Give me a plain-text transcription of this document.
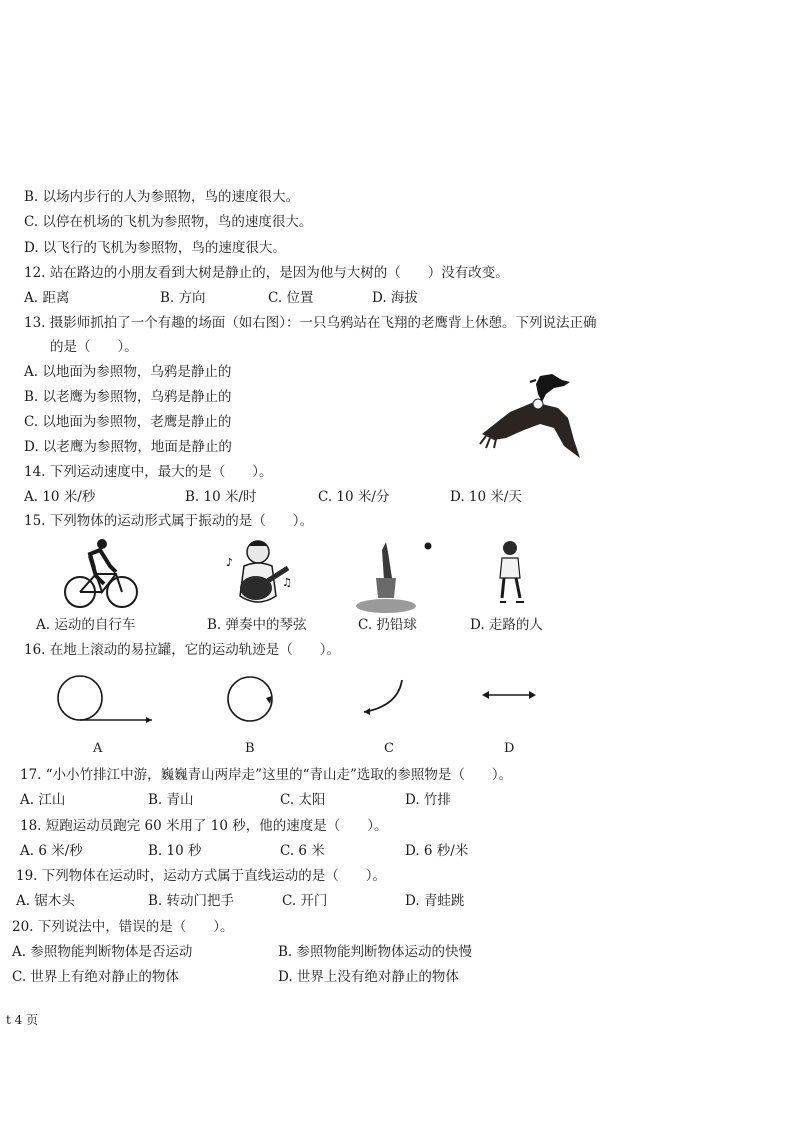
B. 以场内步行的人为参照物，鸟的速度很大。
C. 以停在机场的飞机为参照物，鸟的速度很大。
D. 以飞行的飞机为参照物，鸟的速度很大。
12. 站在路边的小朋友看到大树是静止的，是因为他与大树的（　　）没有改变。
A. 距离	B. 方向	C. 位置	D. 海拔
13. 摄影师抓拍了一个有趣的场面（如右图）：一只乌鸦站在飞翔的老鹰背上休憩。下列说法正确
的是（　　）。
A. 以地面为参照物，乌鸦是静止的
B. 以老鹰为参照物，乌鸦是静止的
C. 以地面为参照物，老鹰是静止的
D. 以老鹰为参照物，地面是静止的
14. 下列运动速度中，最大的是（　　）。
A. 10 米/秒	B. 10 米/时	C. 10 米/分	D. 10 米/天
15. 下列物体的运动形式属于振动的是（　　）。
♪
♫
A. 运动的自行车	B. 弹奏中的琴弦	C. 扔铅球	D. 走路的人
16. 在地上滚动的易拉罐，它的运动轨迹是（　　）。
A	B	C	D
17. “小小竹排江中游，巍巍青山两岸走”这里的“青山走”选取的参照物是（　　）。
A. 江山	B. 青山	C. 太阳	D. 竹排
18. 短跑运动员跑完 60 米用了 10 秒，他的速度是（　　）。
A. 6 米/秒	B. 10 秒	C. 6 米	D. 6 秒/米
19. 下列物体在运动时，运动方式属于直线运动的是（　　）。
A. 锯木头	B. 转动门把手	C. 开门	D. 青蛙跳
20. 下列说法中，错误的是（　　）。
A. 参照物能判断物体是否运动	B. 参照物能判断物体运动的快慢
C. 世界上有绝对静止的物体	D. 世界上没有绝对静止的物体
t 4 页
